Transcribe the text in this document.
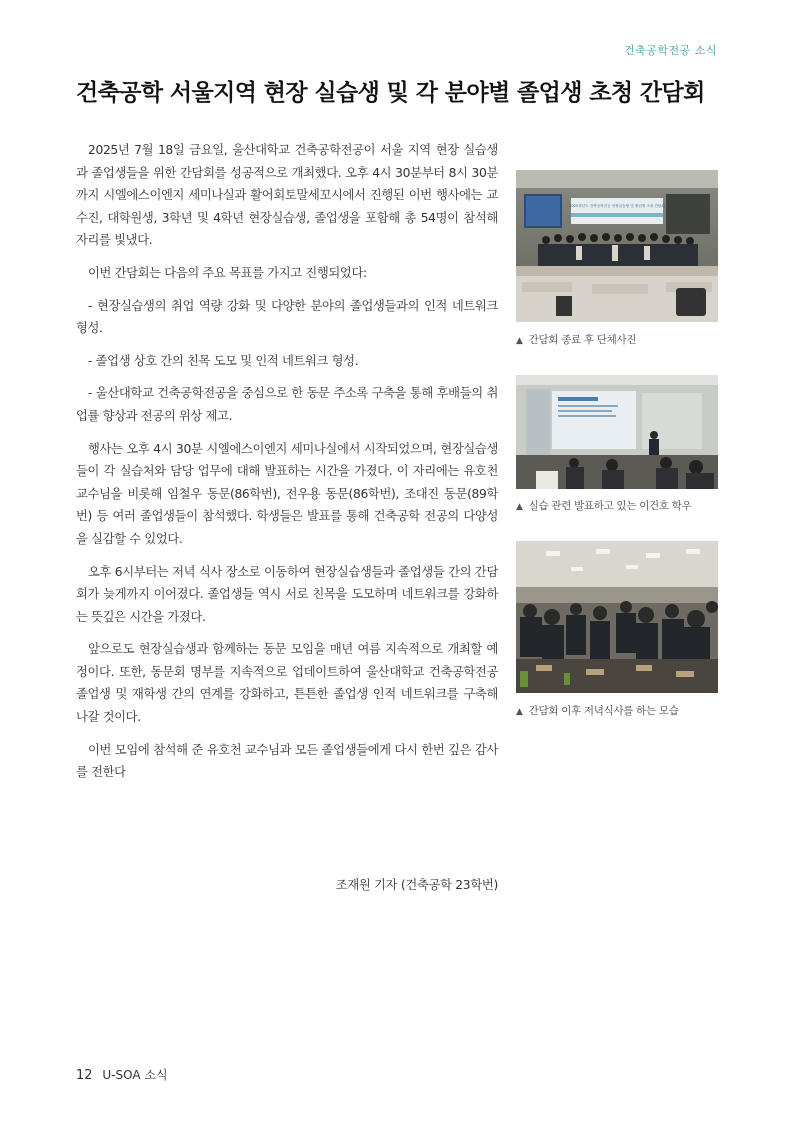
건축공학전공 소식
건축공학 서울지역 현장 실습생 및 각 분야별 졸업생 초청 간담회

2025년 7월 18일 금요일, 울산대학교 건축공학전공이 서울 지역 현장 실습생과 졸업생들을 위한 간담회를 성공적으로 개최했다. 오후 4시 30분부터 8시 30분까지 시엘에스이엔지 세미나실과 활어회토말세꼬시에서 진행된 이번 행사에는 교수진, 대학원생, 3학년 및 4학년 현장실습생, 졸업생을 포함해 총 54명이 참석해 자리를 빛냈다.

이번 간담회는 다음의 주요 목표를 가지고 진행되었다:

- 현장실습생의 취업 역량 강화 및 다양한 분야의 졸업생들과의 인적 네트워크 형성.

- 졸업생 상호 간의 친목 도모 및 인적 네트워크 형성.

- 울산대학교 건축공학전공을 중심으로 한 동문 주소록 구축을 통해 후배들의 취업률 향상과 전공의 위상 제고.

행사는 오후 4시 30분 시엘에스이엔지 세미나실에서 시작되었으며, 현장실습생들이 각 실습처와 담당 업무에 대해 발표하는 시간을 가졌다. 이 자리에는 유호천 교수님을 비롯해 임철우 동문(86학번), 전우용 동문(86학번), 조대진 동문(89학번) 등 여러 졸업생들이 참석했다. 학생들은 발표를 통해 건축공학 전공의 다양성을 실감할 수 있었다.

오후 6시부터는 저녁 식사 장소로 이동하여 현장실습생들과 졸업생들 간의 간담회가 늦게까지 이어졌다. 졸업생들 역시 서로 친목을 도모하며 네트워크를 강화하는 뜻깊은 시간을 가졌다.

앞으로도 현장실습생과 함께하는 동문 모임을 매년 여름 지속적으로 개최할 예정이다. 또한, 동문회 명부를 지속적으로 업데이트하여 울산대학교 건축공학전공 졸업생 및 재학생 간의 연계를 강화하고, 튼튼한 졸업생 인적 네트워크를 구축해 나갈 것이다.

이번 모임에 참석해 준 유호천 교수님과 모든 졸업생들에게 다시 한번 깊은 감사를 전한다

조재원 기자 (건축공학 23학번)
2025학년도 건축공학전공 현장실습생 및 졸업생 초청 간담회
▲ 간담회 종료 후 단체사진
▲ 실습 관련 발표하고 있는 이건호 학우
▲ 간담회 이후 저녁식사를 하는 모습
12 U-SOA 소식
